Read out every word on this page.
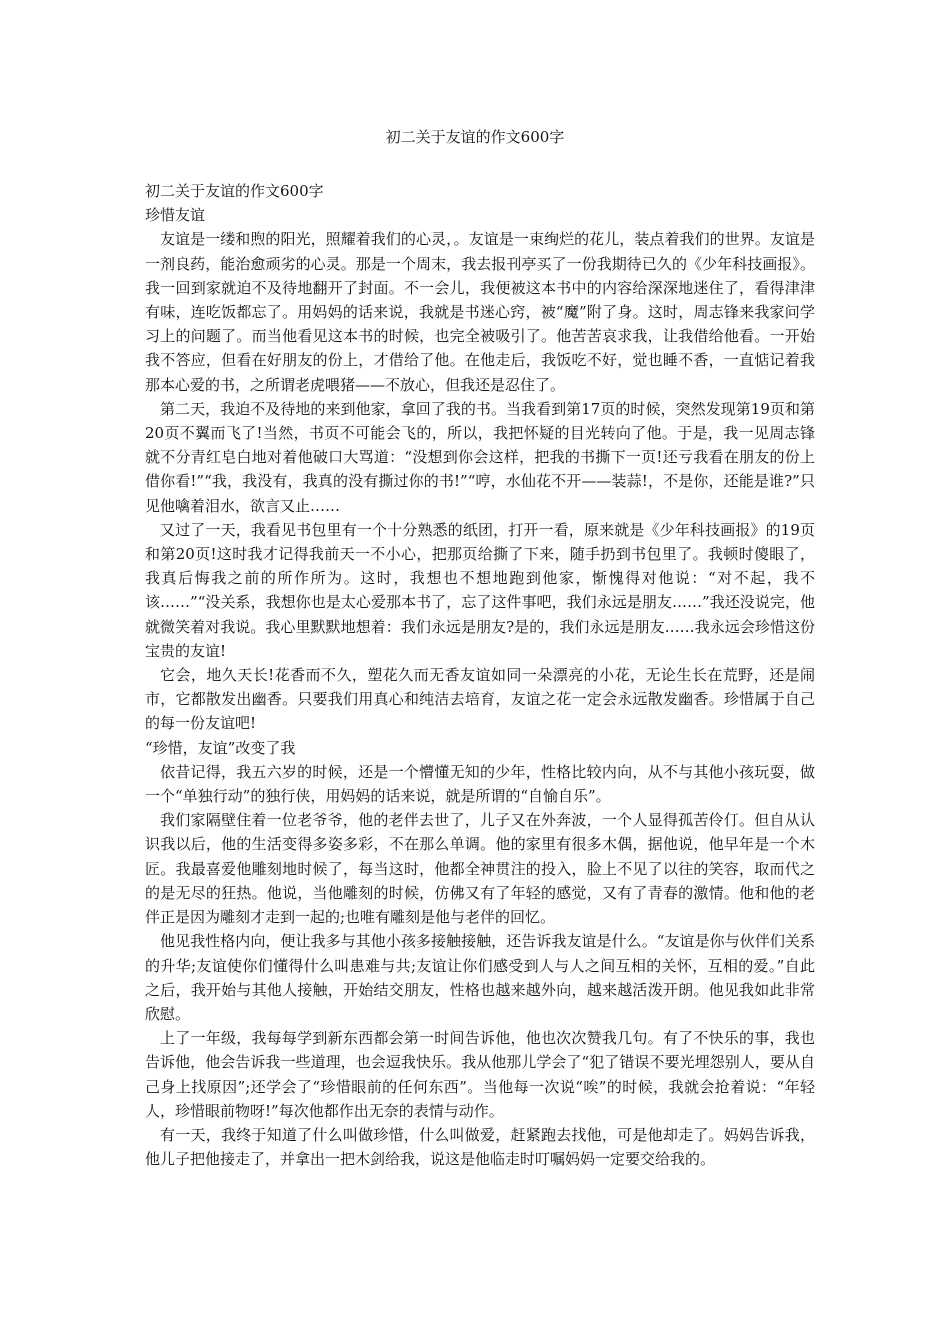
初二关于友谊的作文600字

初二关于友谊的作文600字

珍惜友谊

友谊是一缕和煦的阳光，照耀着我们的心灵，。友谊是一束绚烂的花儿，装点着我们的世界。友谊是一剂良药，能治愈顽劣的心灵。那是一个周末，我去报刊亭买了一份我期待已久的《少年科技画报》。我一回到家就迫不及待地翻开了封面。不一会儿，我便被这本书中的内容给深深地迷住了，看得津津有味，连吃饭都忘了。用妈妈的话来说，我就是书迷心窍，被“魔”附了身。这时，周志锋来我家问学习上的问题了。而当他看见这本书的时候，也完全被吸引了。他苦苦哀求我，让我借给他看。一开始我不答应，但看在好朋友的份上，才借给了他。在他走后，我饭吃不好，觉也睡不香，一直惦记着我那本心爱的书，之所谓老虎喂猪——不放心，但我还是忍住了。

第二天，我迫不及待地的来到他家，拿回了我的书。当我看到第17页的时候，突然发现第19页和第20页不翼而飞了!当然，书页不可能会飞的，所以，我把怀疑的目光转向了他。于是，我一见周志锋就不分青红皂白地对着他破口大骂道：“没想到你会这样，把我的书撕下一页!还亏我看在朋友的份上借你看!”“我，我没有，我真的没有撕过你的书!”“哼，水仙花不开——装蒜!，不是你，还能是谁?”只见他噙着泪水，欲言又止……

又过了一天，我看见书包里有一个十分熟悉的纸团，打开一看，原来就是《少年科技画报》的19页和第20页!这时我才记得我前天一不小心，把那页给撕了下来，随手扔到书包里了。我顿时傻眼了，我真后悔我之前的所作所为。这时，我想也不想地跑到他家，惭愧得对他说：“对不起，我不该……”“没关系，我想你也是太心爱那本书了，忘了这件事吧，我们永远是朋友……”我还没说完，他就微笑着对我说。我心里默默地想着：我们永远是朋友?是的，我们永远是朋友……我永远会珍惜这份宝贵的友谊!

它会，地久天长!花香而不久，塑花久而无香友谊如同一朵漂亮的小花，无论生长在荒野，还是闹市，它都散发出幽香。只要我们用真心和纯洁去培育，友谊之花一定会永远散发幽香。珍惜属于自己的每一份友谊吧!

“珍惜，友谊”改变了我

依昔记得，我五六岁的时候，还是一个懵懂无知的少年，性格比较内向，从不与其他小孩玩耍，做一个“单独行动”的独行侠，用妈妈的话来说，就是所谓的“自愉自乐”。

我们家隔壁住着一位老爷爷，他的老伴去世了，儿子又在外奔波，一个人显得孤苦伶仃。但自从认识我以后，他的生活变得多姿多彩，不在那么单调。他的家里有很多木偶，据他说，他早年是一个木匠。我最喜爱他雕刻地时候了，每当这时，他都全神贯注的投入，脸上不见了以往的笑容，取而代之的是无尽的狂热。他说，当他雕刻的时候，仿佛又有了年轻的感觉，又有了青春的激情。他和他的老伴正是因为雕刻才走到一起的;也唯有雕刻是他与老伴的回忆。

他见我性格内向，便让我多与其他小孩多接触接触，还告诉我友谊是什么。“友谊是你与伙伴们关系的升华;友谊使你们懂得什么叫患难与共;友谊让你们感受到人与人之间互相的关怀，互相的爱。”自此之后，我开始与其他人接触，开始结交朋友，性格也越来越外向，越来越活泼开朗。他见我如此非常欣慰。

上了一年级，我每每学到新东西都会第一时间告诉他，他也次次赞我几句。有了不快乐的事，我也告诉他，他会告诉我一些道理，也会逗我快乐。我从他那儿学会了“犯了错误不要光埋怨别人，要从自己身上找原因”;还学会了“珍惜眼前的任何东西”。当他每一次说“唉”的时候，我就会抢着说：“年轻人，珍惜眼前物呀!”每次他都作出无奈的表情与动作。

有一天，我终于知道了什么叫做珍惜，什么叫做爱，赶紧跑去找他，可是他却走了。妈妈告诉我，他儿子把他接走了，并拿出一把木剑给我，说这是他临走时叮嘱妈妈一定要交给我的。
